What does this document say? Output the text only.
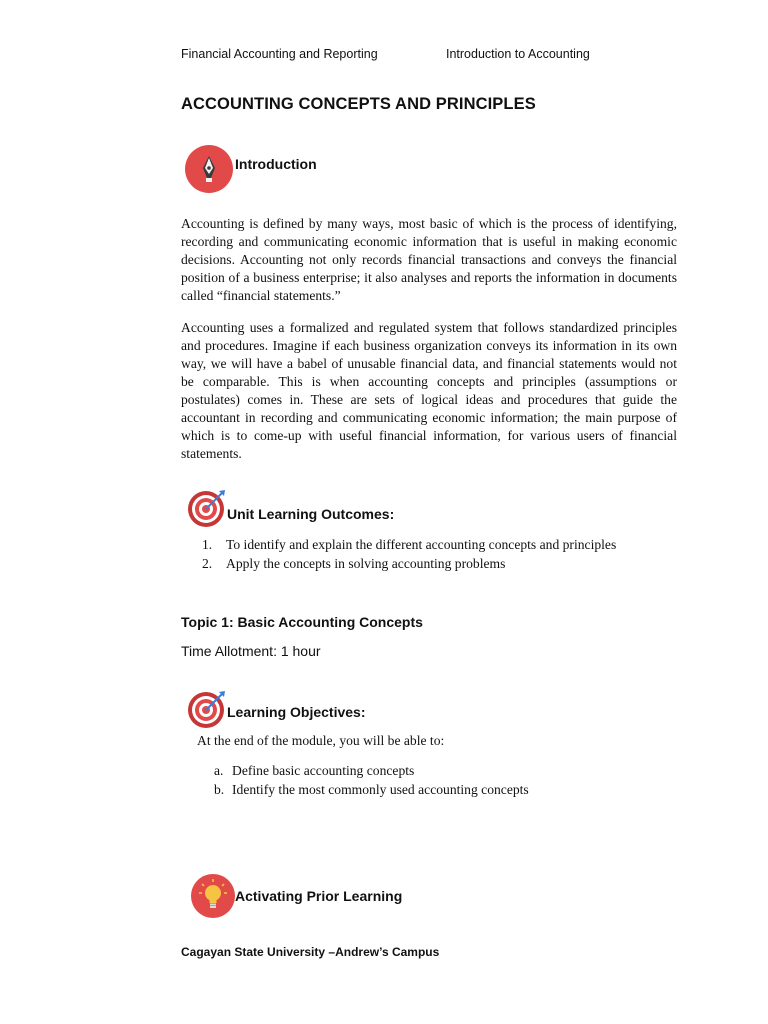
Financial Accounting and Reporting	Introduction to Accounting
ACCOUNTING CONCEPTS AND PRINCIPLES
Introduction
Accounting is defined by many ways, most basic of which is the process of identifying, recording and communicating economic information that is useful in making economic decisions. Accounting not only records financial transactions and conveys the financial position of a business enterprise; it also analyses and reports the information in documents called “financial statements.”
Accounting uses a formalized and regulated system that follows standardized principles and procedures. Imagine if each business organization conveys its information in its own way, we will have a babel of unusable financial data, and financial statements would not be comparable. This is when accounting concepts and principles (assumptions or postulates) comes in. These are sets of logical ideas and procedures that guide the accountant in recording and communicating economic information; the main purpose of which is to come-up with useful financial information, for various users of financial statements.
Unit Learning Outcomes:
1.	To identify and explain the different accounting concepts and principles
2.	Apply the concepts in solving accounting problems
Topic 1: Basic Accounting Concepts
Time Allotment: 1 hour
Learning Objectives:
At the end of the module, you will be able to:
a. Define basic accounting concepts
b. Identify the most commonly used accounting concepts
Activating Prior Learning
Cagayan State University –Andrew’s Campus
